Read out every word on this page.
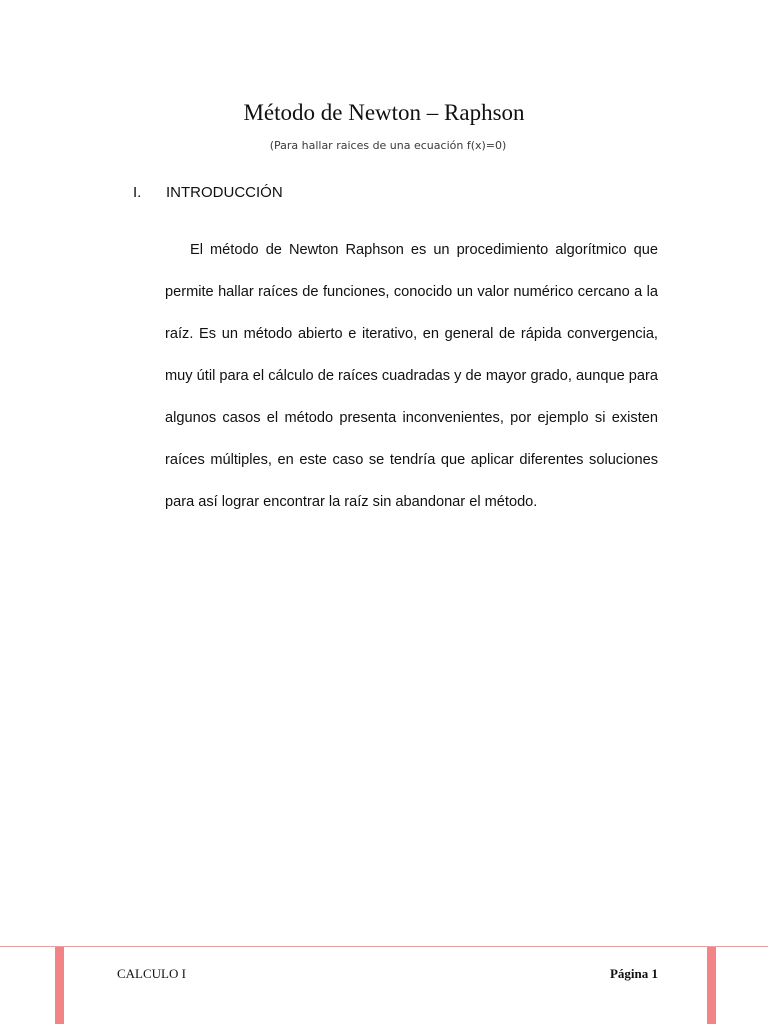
Método de Newton – Raphson
(Para hallar raices de una ecuación f(x)=0)
I. INTRODUCCIÓN

El método de Newton Raphson es un procedimiento algorítmico que permite hallar raíces de funciones, conocido un valor numérico cercano a la raíz. Es un método abierto e iterativo, en general de rápida convergencia, muy útil para el cálculo de raíces cuadradas y de mayor grado, aunque para algunos casos el método presenta inconvenientes, por ejemplo si existen raíces múltiples, en este caso se tendría que aplicar diferentes soluciones para así lograr encontrar la raíz sin abandonar el método.

CALCULO I	Página 1
